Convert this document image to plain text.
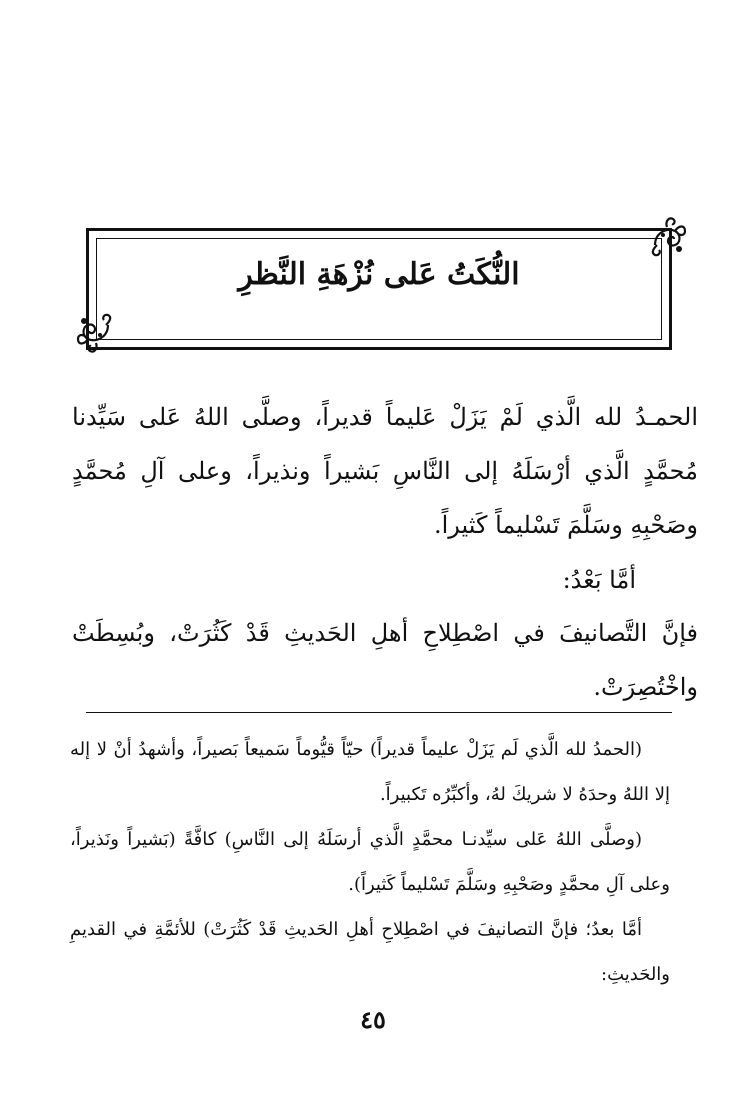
النُّكَتُ عَلى نُزْهَةِ النَّظرِ
الحمـدُ لله الَّذي لَمْ يَزَلْ عَليماً قديراً، وصلَّى اللهُ عَلى سَيِّدنا مُحمَّدٍ الَّذي أرْسَلَهُ إلى النَّاسِ بَشيراً ونذيراً، وعلى آلِ مُحمَّدٍ وصَحْبِهِ وسَلَّمَ تَسْليماً كَثيراً.
أمَّا بَعْدُ:
فإنَّ التَّصانيفَ في اصْطِلاحِ أهلِ الحَديثِ قَدْ كَثُرَتْ، وبُسِطَتْ واخْتُصِرَتْ.

(الحمدُ لله الَّذي لَم يَزَلْ عليماً قديراً) حيّاً قيُّوماً سَميعاً بَصيراً، وأشهدُ أنْ لا إله إلا اللهُ وحدَهُ لا شريكَ لهُ، وأكبِّرُه تَكبيراً.

(وصلَّى اللهُ عَلى سيِّدنـا محمَّدٍ الَّذي أرسَلَهُ إلى النَّاسِ) كافَّةً (بَشيراً ونَذيراً، وعلى آلِ محمَّدٍ وصَحْبِهِ وسَلَّمَ تَسْليماً كَثيراً).

أمَّا بعدُ؛ فإنَّ التصانيفَ في اصْطِلاحِ أهلِ الحَديثِ قَدْ كَثُرَتْ) للأئمَّةِ في القديمِ والحَديثِ:

٤٥
